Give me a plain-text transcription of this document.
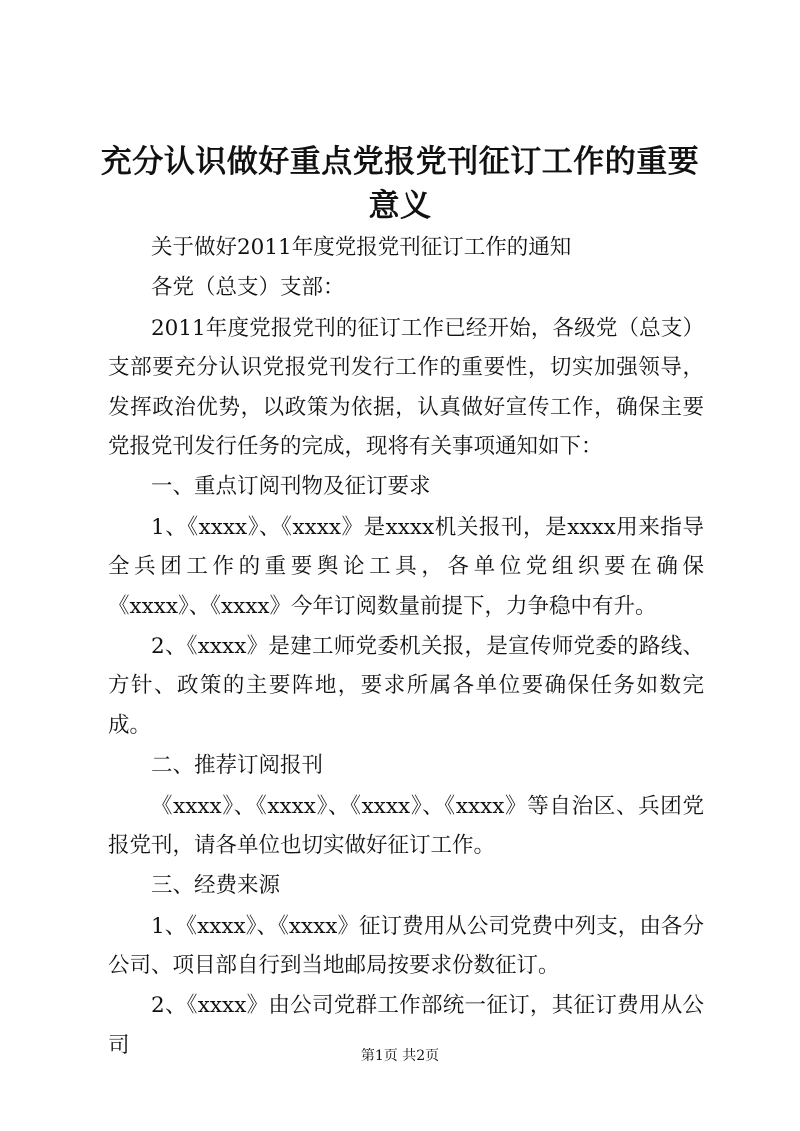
充分认识做好重点党报党刊征订工作的重要意义

关于做好2011年度党报党刊征订工作的通知

各党（总支）支部：

2011年度党报党刊的征订工作已经开始，各级党（总支）支部要充分认识党报党刊发行工作的重要性，切实加强领导，发挥政治优势，以政策为依据，认真做好宣传工作，确保主要党报党刊发行任务的完成，现将有关事项通知如下：

一、重点订阅刊物及征订要求

1、《xxxx》、《xxxx》是xxxx机关报刊，是xxxx用来指导全兵团工作的重要舆论工具，各单位党组织要在确保《xxxx》、《xxxx》今年订阅数量前提下，力争稳中有升。

2、《xxxx》是建工师党委机关报，是宣传师党委的路线、方针、政策的主要阵地，要求所属各单位要确保任务如数完成。

二、推荐订阅报刊

《xxxx》、《xxxx》、《xxxx》、《xxxx》等自治区、兵团党报党刊，请各单位也切实做好征订工作。

三、经费来源

1、《xxxx》、《xxxx》征订费用从公司党费中列支，由各分公司、项目部自行到当地邮局按要求份数征订。

2、《xxxx》由公司党群工作部统一征订，其征订费用从公司	第1页 共2页
